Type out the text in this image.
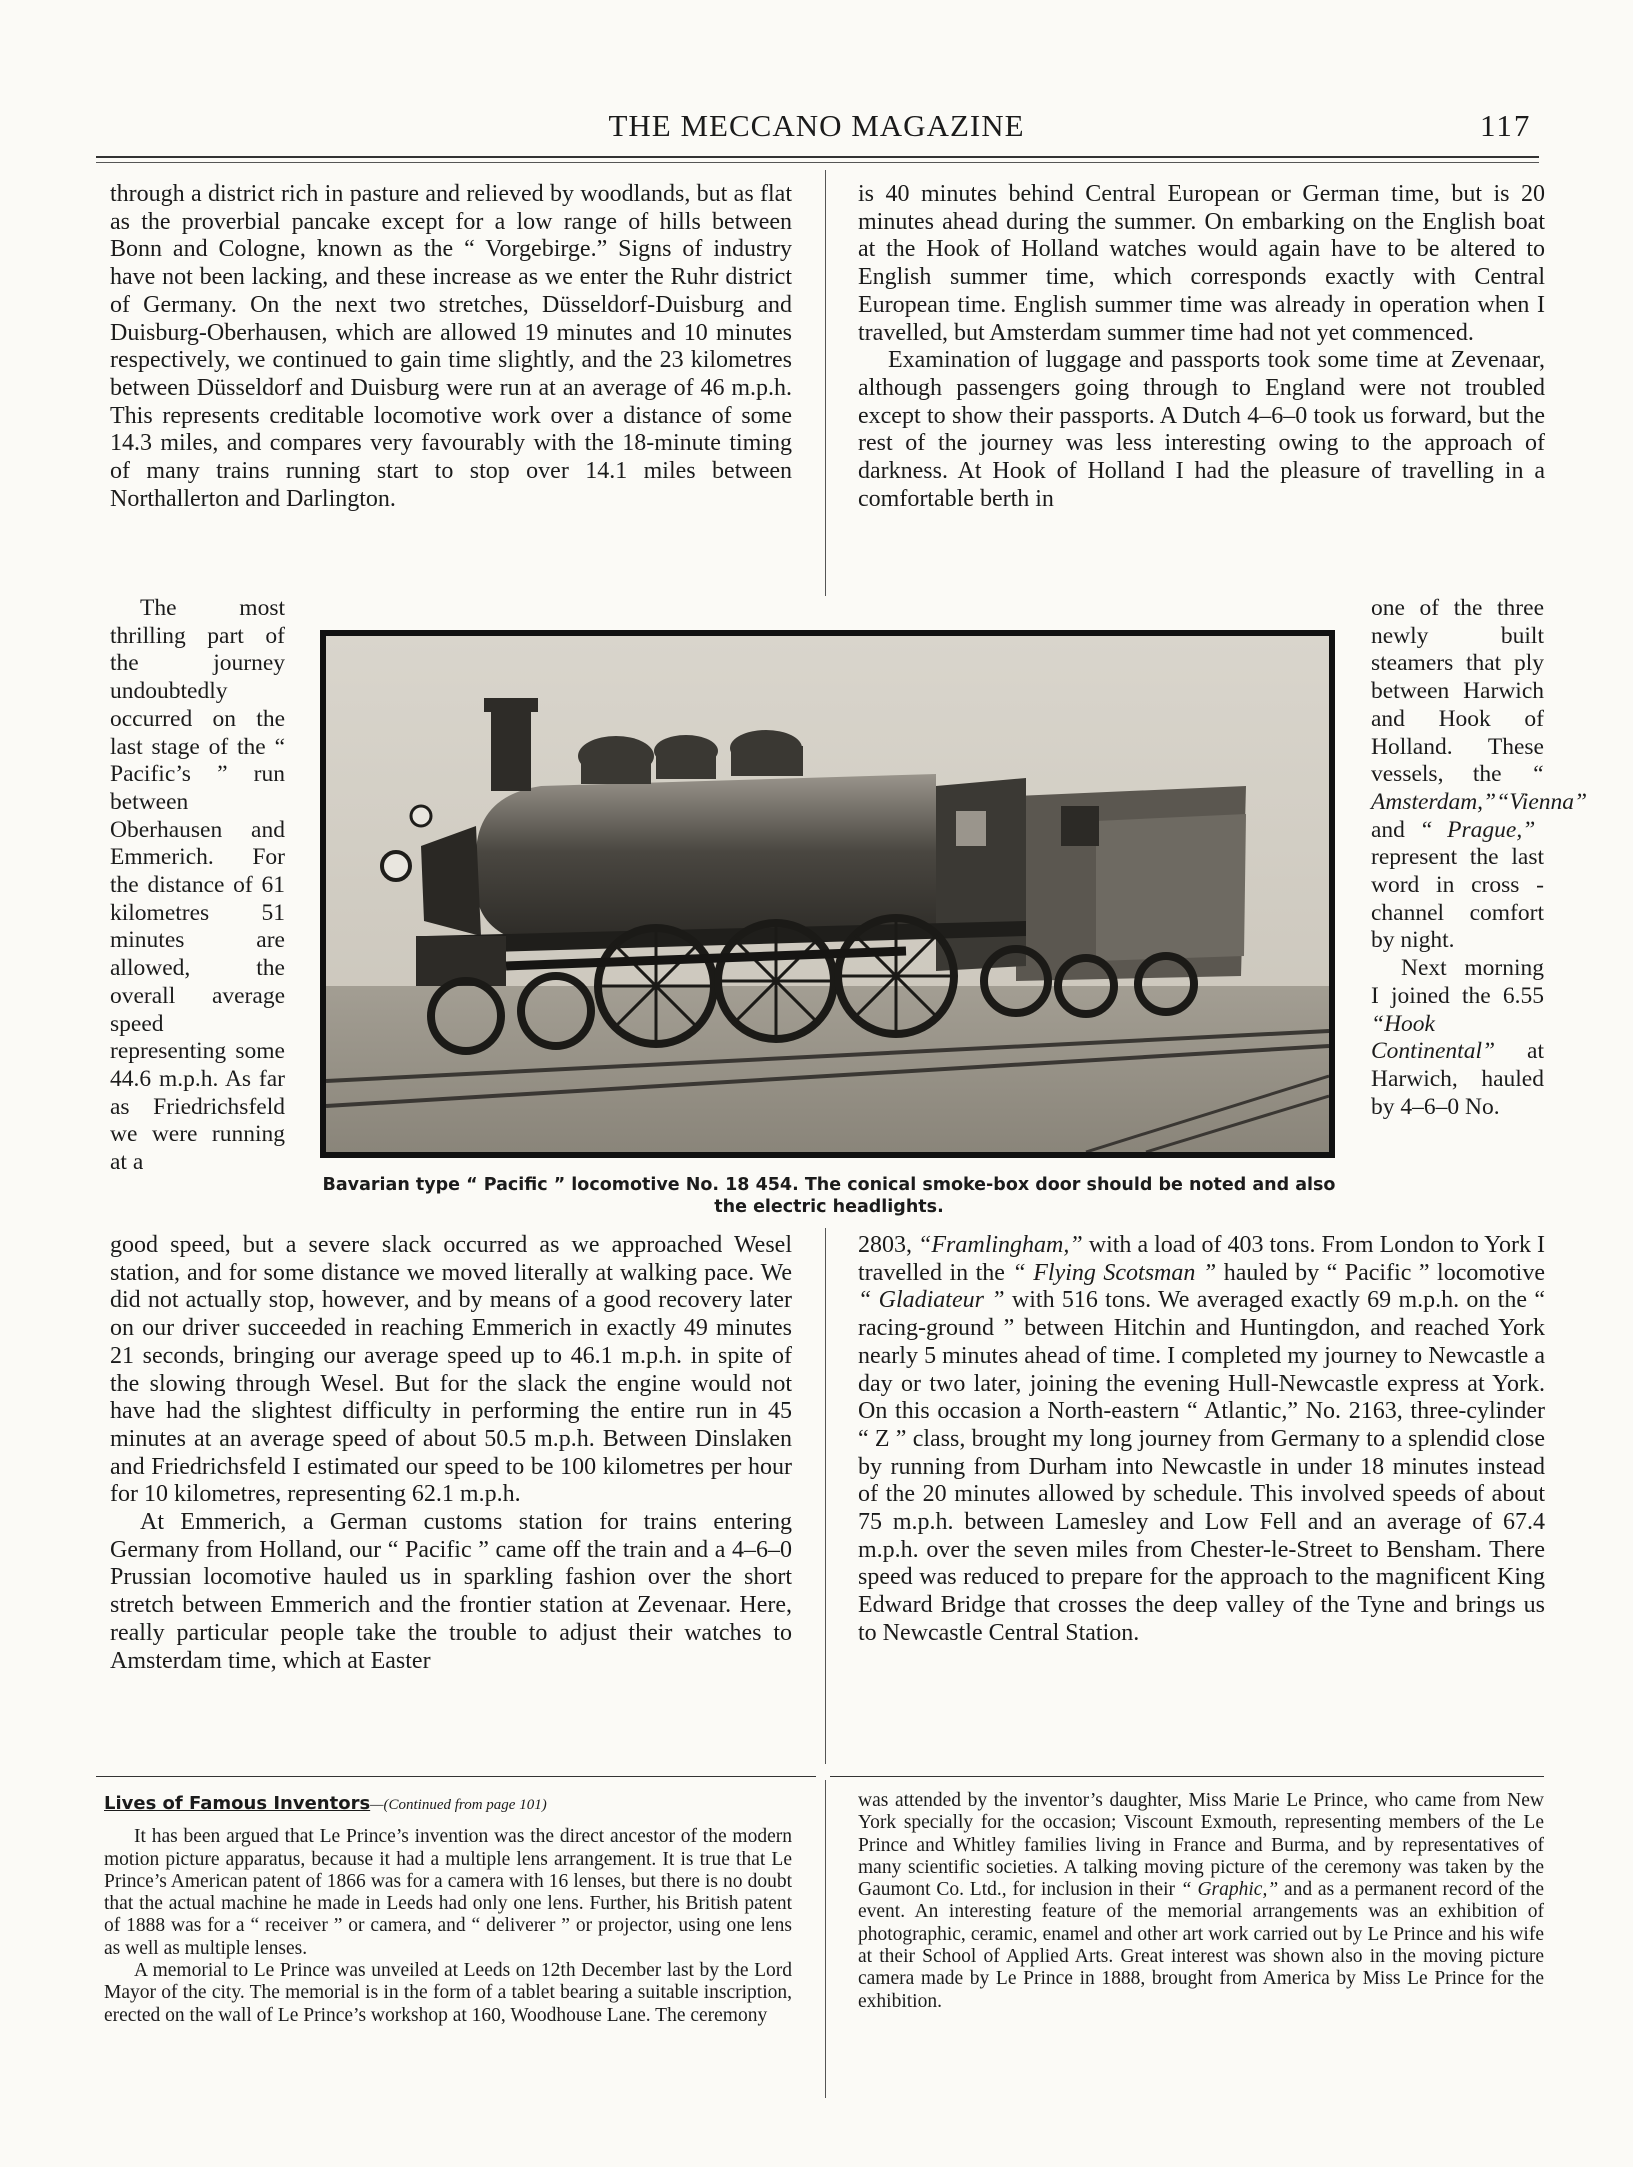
THE MECCANO MAGAZINE	117

through a district rich in pasture and relieved by woodlands, but as flat as the proverbial pancake except for a low range of hills between Bonn and Cologne, known as the “ Vorgebirge.” Signs of industry have not been lacking, and these increase as we enter the Ruhr district of Germany. On the next two stretches, Düsseldorf-Duisburg and Duisburg-Oberhausen, which are allowed 19 minutes and 10 minutes respectively, we continued to gain time slightly, and the 23 kilometres between Düsseldorf and Duisburg were run at an average of 46 m.p.h. This represents creditable locomotive work over a distance of some 14.3 miles, and compares very favourably with the 18-minute timing of many trains running start to stop over 14.1 miles between Northallerton and Darlington.

is 40 minutes behind Central European or German time, but is 20 minutes ahead during the summer. On embarking on the English boat at the Hook of Holland watches would again have to be altered to English summer time, which corresponds exactly with Central European time. English summer time was already in operation when I travelled, but Amsterdam summer time had not yet commenced.

Examination of luggage and passports took some time at Zevenaar, although passengers going through to England were not troubled except to show their passports. A Dutch 4–6–0 took us forward, but the rest of the journey was less interesting owing to the approach of darkness. At Hook of Holland I had the pleasure of travelling in a comfortable berth in

The most thrilling part of the journey undoubtedly occurred on the last stage of the “ Pacific’s ” run between Oberhausen and Emmerich. For the distance of 61 kilometres 51 minutes are allowed, the overall average speed representing some 44.6 m.p.h. As far as Friedrichsfeld we were running at a

one of the three newly built steamers that ply between Harwich and Hook of Holland. These vessels, the “ Amsterdam,”“Vienna” and “ Prague,” represent the last word in cross - channel comfort by night.

Next morning I joined the 6.55 “Hook Continental” at Harwich, hauled by 4–6–0 No.

Bavarian type “ Pacific ” locomotive No. 18 454. The conical smoke-box door should be noted and also the electric headlights.

good speed, but a severe slack occurred as we approached Wesel station, and for some distance we moved literally at walking pace. We did not actually stop, however, and by means of a good recovery later on our driver succeeded in reaching Emmerich in exactly 49 minutes 21 seconds, bringing our average speed up to 46.1 m.p.h. in spite of the slowing through Wesel. But for the slack the engine would not have had the slightest difficulty in performing the entire run in 45 minutes at an average speed of about 50.5 m.p.h. Between Dinslaken and Friedrichsfeld I estimated our speed to be 100 kilometres per hour for 10 kilometres, representing 62.1 m.p.h.

At Emmerich, a German customs station for trains entering Germany from Holland, our “ Pacific ” came off the train and a 4–6–0 Prussian locomotive hauled us in sparkling fashion over the short stretch between Emmerich and the frontier station at Zevenaar. Here, really particular people take the trouble to adjust their watches to Amsterdam time, which at Easter

2803, “Framlingham,” with a load of 403 tons. From London to York I travelled in the “ Flying Scotsman ” hauled by “ Pacific ” locomotive “ Gladiateur ” with 516 tons. We averaged exactly 69 m.p.h. on the “ racing-ground ” between Hitchin and Huntingdon, and reached York nearly 5 minutes ahead of time. I completed my journey to Newcastle a day or two later, joining the evening Hull-Newcastle express at York. On this occasion a North-eastern “ Atlantic,” No. 2163, three-cylinder “ Z ” class, brought my long journey from Germany to a splendid close by running from Durham into Newcastle in under 18 minutes instead of the 20 minutes allowed by schedule. This involved speeds of about 75 m.p.h. between Lamesley and Low Fell and an average of 67.4 m.p.h. over the seven miles from Chester-le-Street to Bensham. There speed was reduced to prepare for the approach to the magnificent King Edward Bridge that crosses the deep valley of the Tyne and brings us to Newcastle Central Station.

Lives of Famous Inventors—(Continued from page 101)

It has been argued that Le Prince’s invention was the direct ancestor of the modern motion picture apparatus, because it had a multiple lens arrangement. It is true that Le Prince’s American patent of 1866 was for a camera with 16 lenses, but there is no doubt that the actual machine he made in Leeds had only one lens. Further, his British patent of 1888 was for a “ receiver ” or camera, and “ deliverer ” or projector, using one lens as well as multiple lenses.

A memorial to Le Prince was unveiled at Leeds on 12th December last by the Lord Mayor of the city. The memorial is in the form of a tablet bearing a suitable inscription, erected on the wall of Le Prince’s workshop at 160, Woodhouse Lane. The ceremony

was attended by the inventor’s daughter, Miss Marie Le Prince, who came from New York specially for the occasion; Viscount Exmouth, representing members of the Le Prince and Whitley families living in France and Burma, and by representatives of many scientific societies. A talking moving picture of the ceremony was taken by the Gaumont Co. Ltd., for inclusion in their “ Graphic,” and as a permanent record of the event. An interesting feature of the memorial arrangements was an exhibition of photographic, ceramic, enamel and other art work carried out by Le Prince and his wife at their School of Applied Arts. Great interest was shown also in the moving picture camera made by Le Prince in 1888, brought from America by Miss Le Prince for the exhibition.
